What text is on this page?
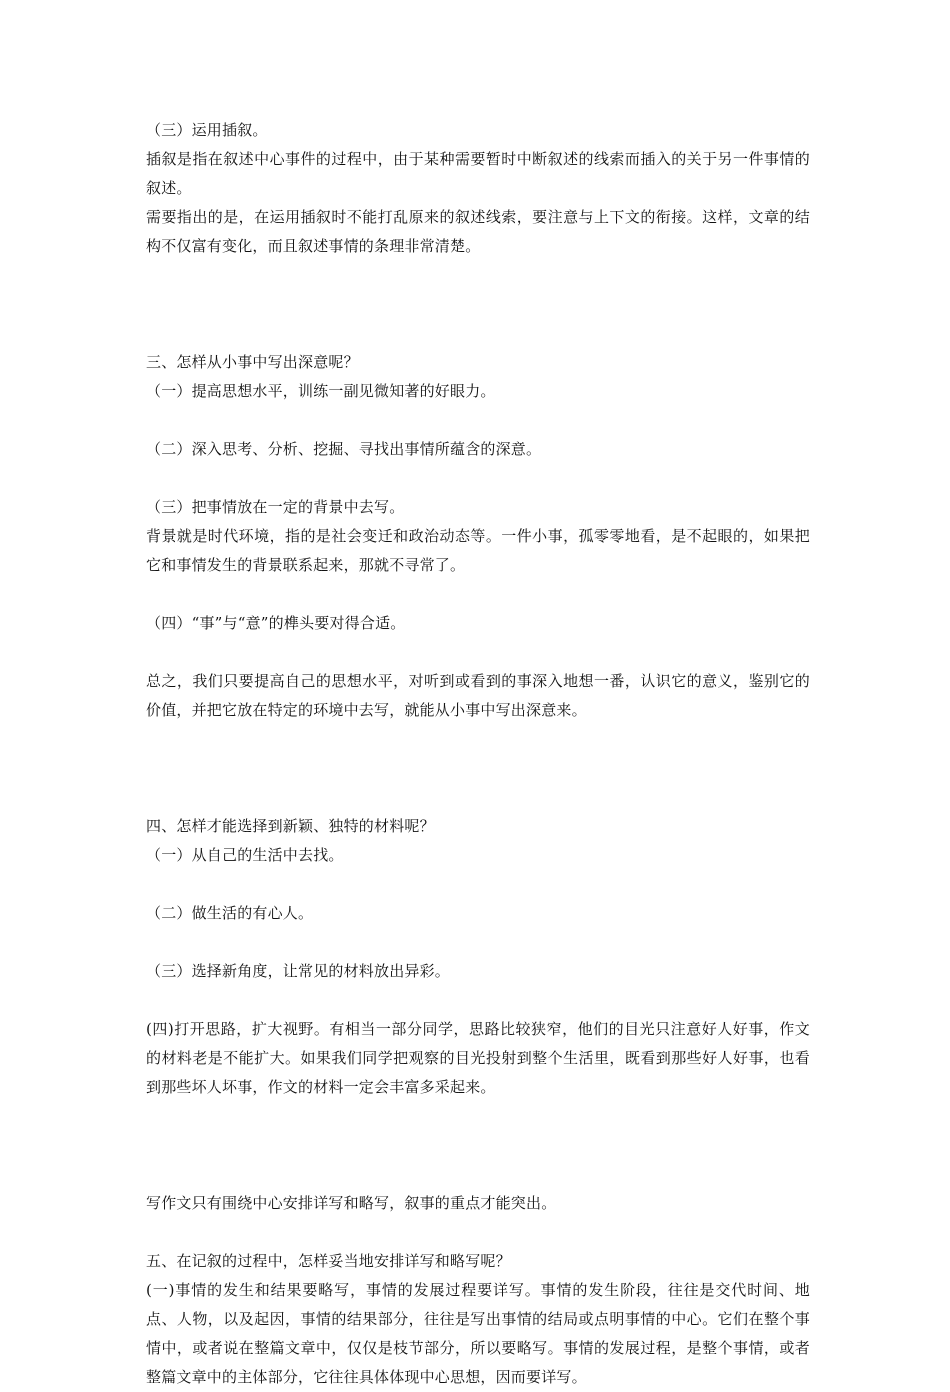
（三）运用插叙。

插叙是指在叙述中心事件的过程中，由于某种需要暂时中断叙述的线索而插入的关于另一件事情的叙述。

需要指出的是，在运用插叙时不能打乱原来的叙述线索，要注意与上下文的衔接。这样，文章的结构不仅富有变化，而且叙述事情的条理非常清楚。

三、怎样从小事中写出深意呢？

（一）提高思想水平，训练一副见微知著的好眼力。

（二）深入思考、分析、挖掘、寻找出事情所蕴含的深意。

（三）把事情放在一定的背景中去写。

背景就是时代环境，指的是社会变迁和政治动态等。一件小事，孤零零地看，是不起眼的，如果把它和事情发生的背景联系起来，那就不寻常了。

（四）“事”与“意”的榫头要对得合适。

总之，我们只要提高自己的思想水平，对听到或看到的事深入地想一番，认识它的意义，鉴别它的价值，并把它放在特定的环境中去写，就能从小事中写出深意来。

四、怎样才能选择到新颖、独特的材料呢？

（一）从自己的生活中去找。

（二）做生活的有心人。

（三）选择新角度，让常见的材料放出异彩。

(四)打开思路，扩大视野。有相当一部分同学，思路比较狭窄，他们的目光只注意好人好事，作文的材料老是不能扩大。如果我们同学把观察的目光投射到整个生活里，既看到那些好人好事，也看到那些坏人坏事，作文的材料一定会丰富多采起来。

写作文只有围绕中心安排详写和略写，叙事的重点才能突出。

五、在记叙的过程中，怎样妥当地安排详写和略写呢？

(一)事情的发生和结果要略写，事情的发展过程要详写。事情的发生阶段，往往是交代时间、地点、人物，以及起因，事情的结果部分，往往是写出事情的结局或点明事情的中心。它们在整个事情中，或者说在整篇文章中，仅仅是枝节部分，所以要略写。事情的发展过程，是整个事情，或者整篇文章中的主体部分，它往往具体体现中心思想，因而要详写。
